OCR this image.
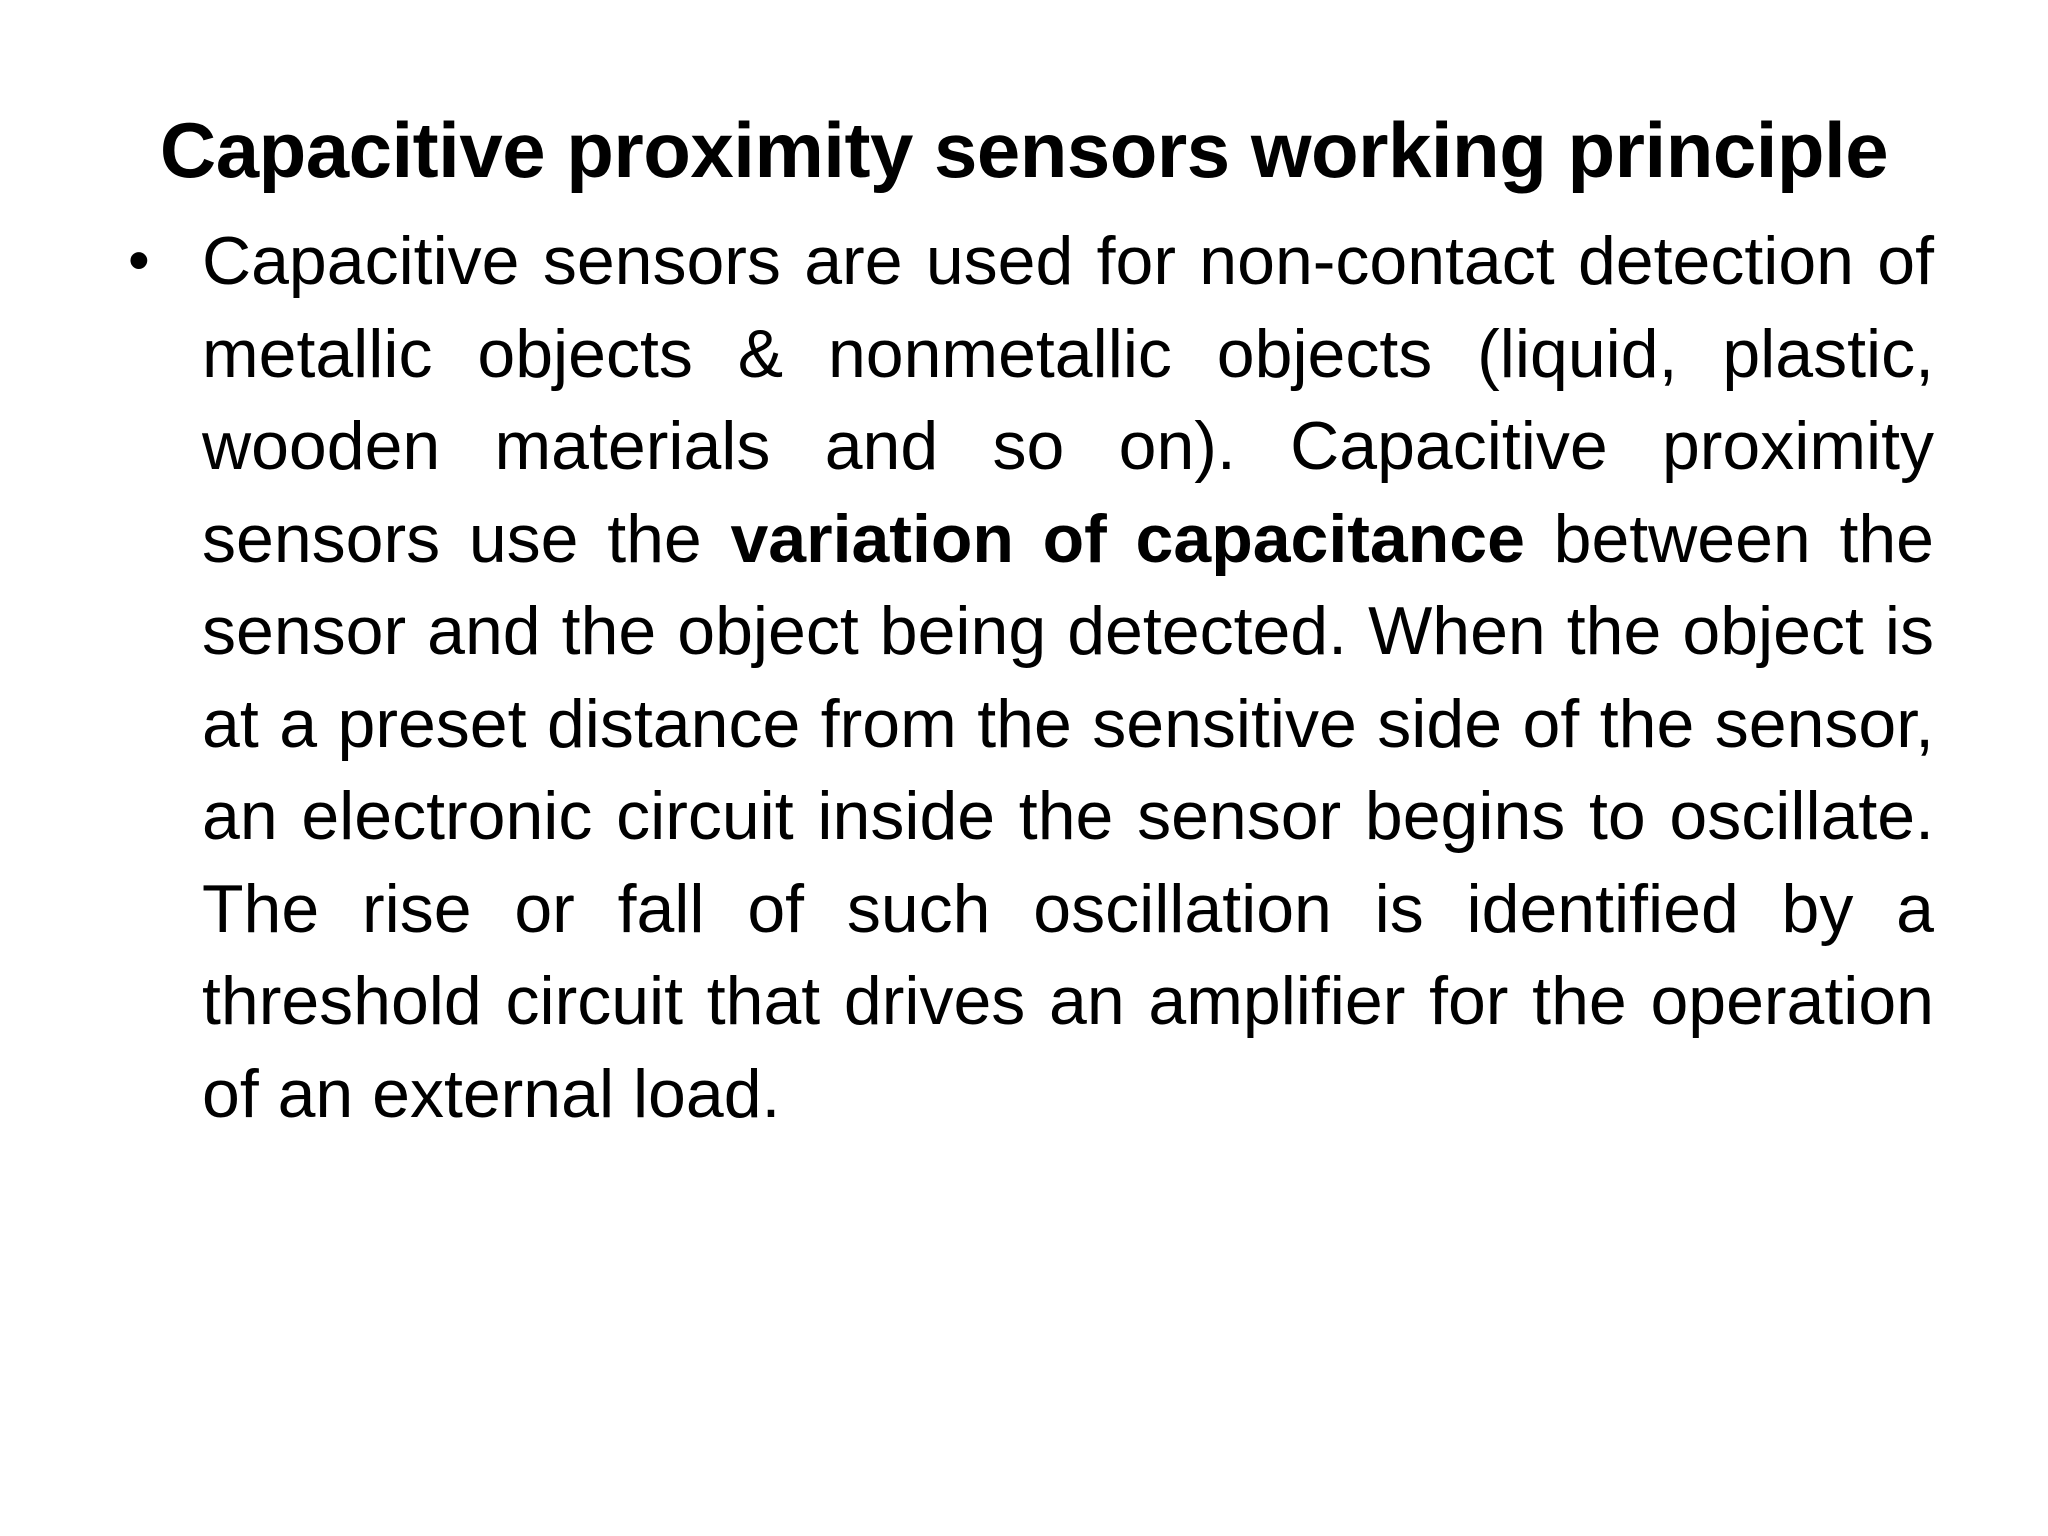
Capacitive proximity sensors working principle
• Capacitive sensors are used for non-contact detection of metallic objects & nonmetallic objects (liquid, plastic, wooden materials and so on). Capacitive proximity sensors use the variation of capacitance between the sensor and the object being detected. When the object is at a preset distance from the sensitive side of the sensor, an electronic circuit inside the sensor begins to oscillate. The rise or fall of such oscillation is identified by a threshold circuit that drives an amplifier for the operation of an external load.
